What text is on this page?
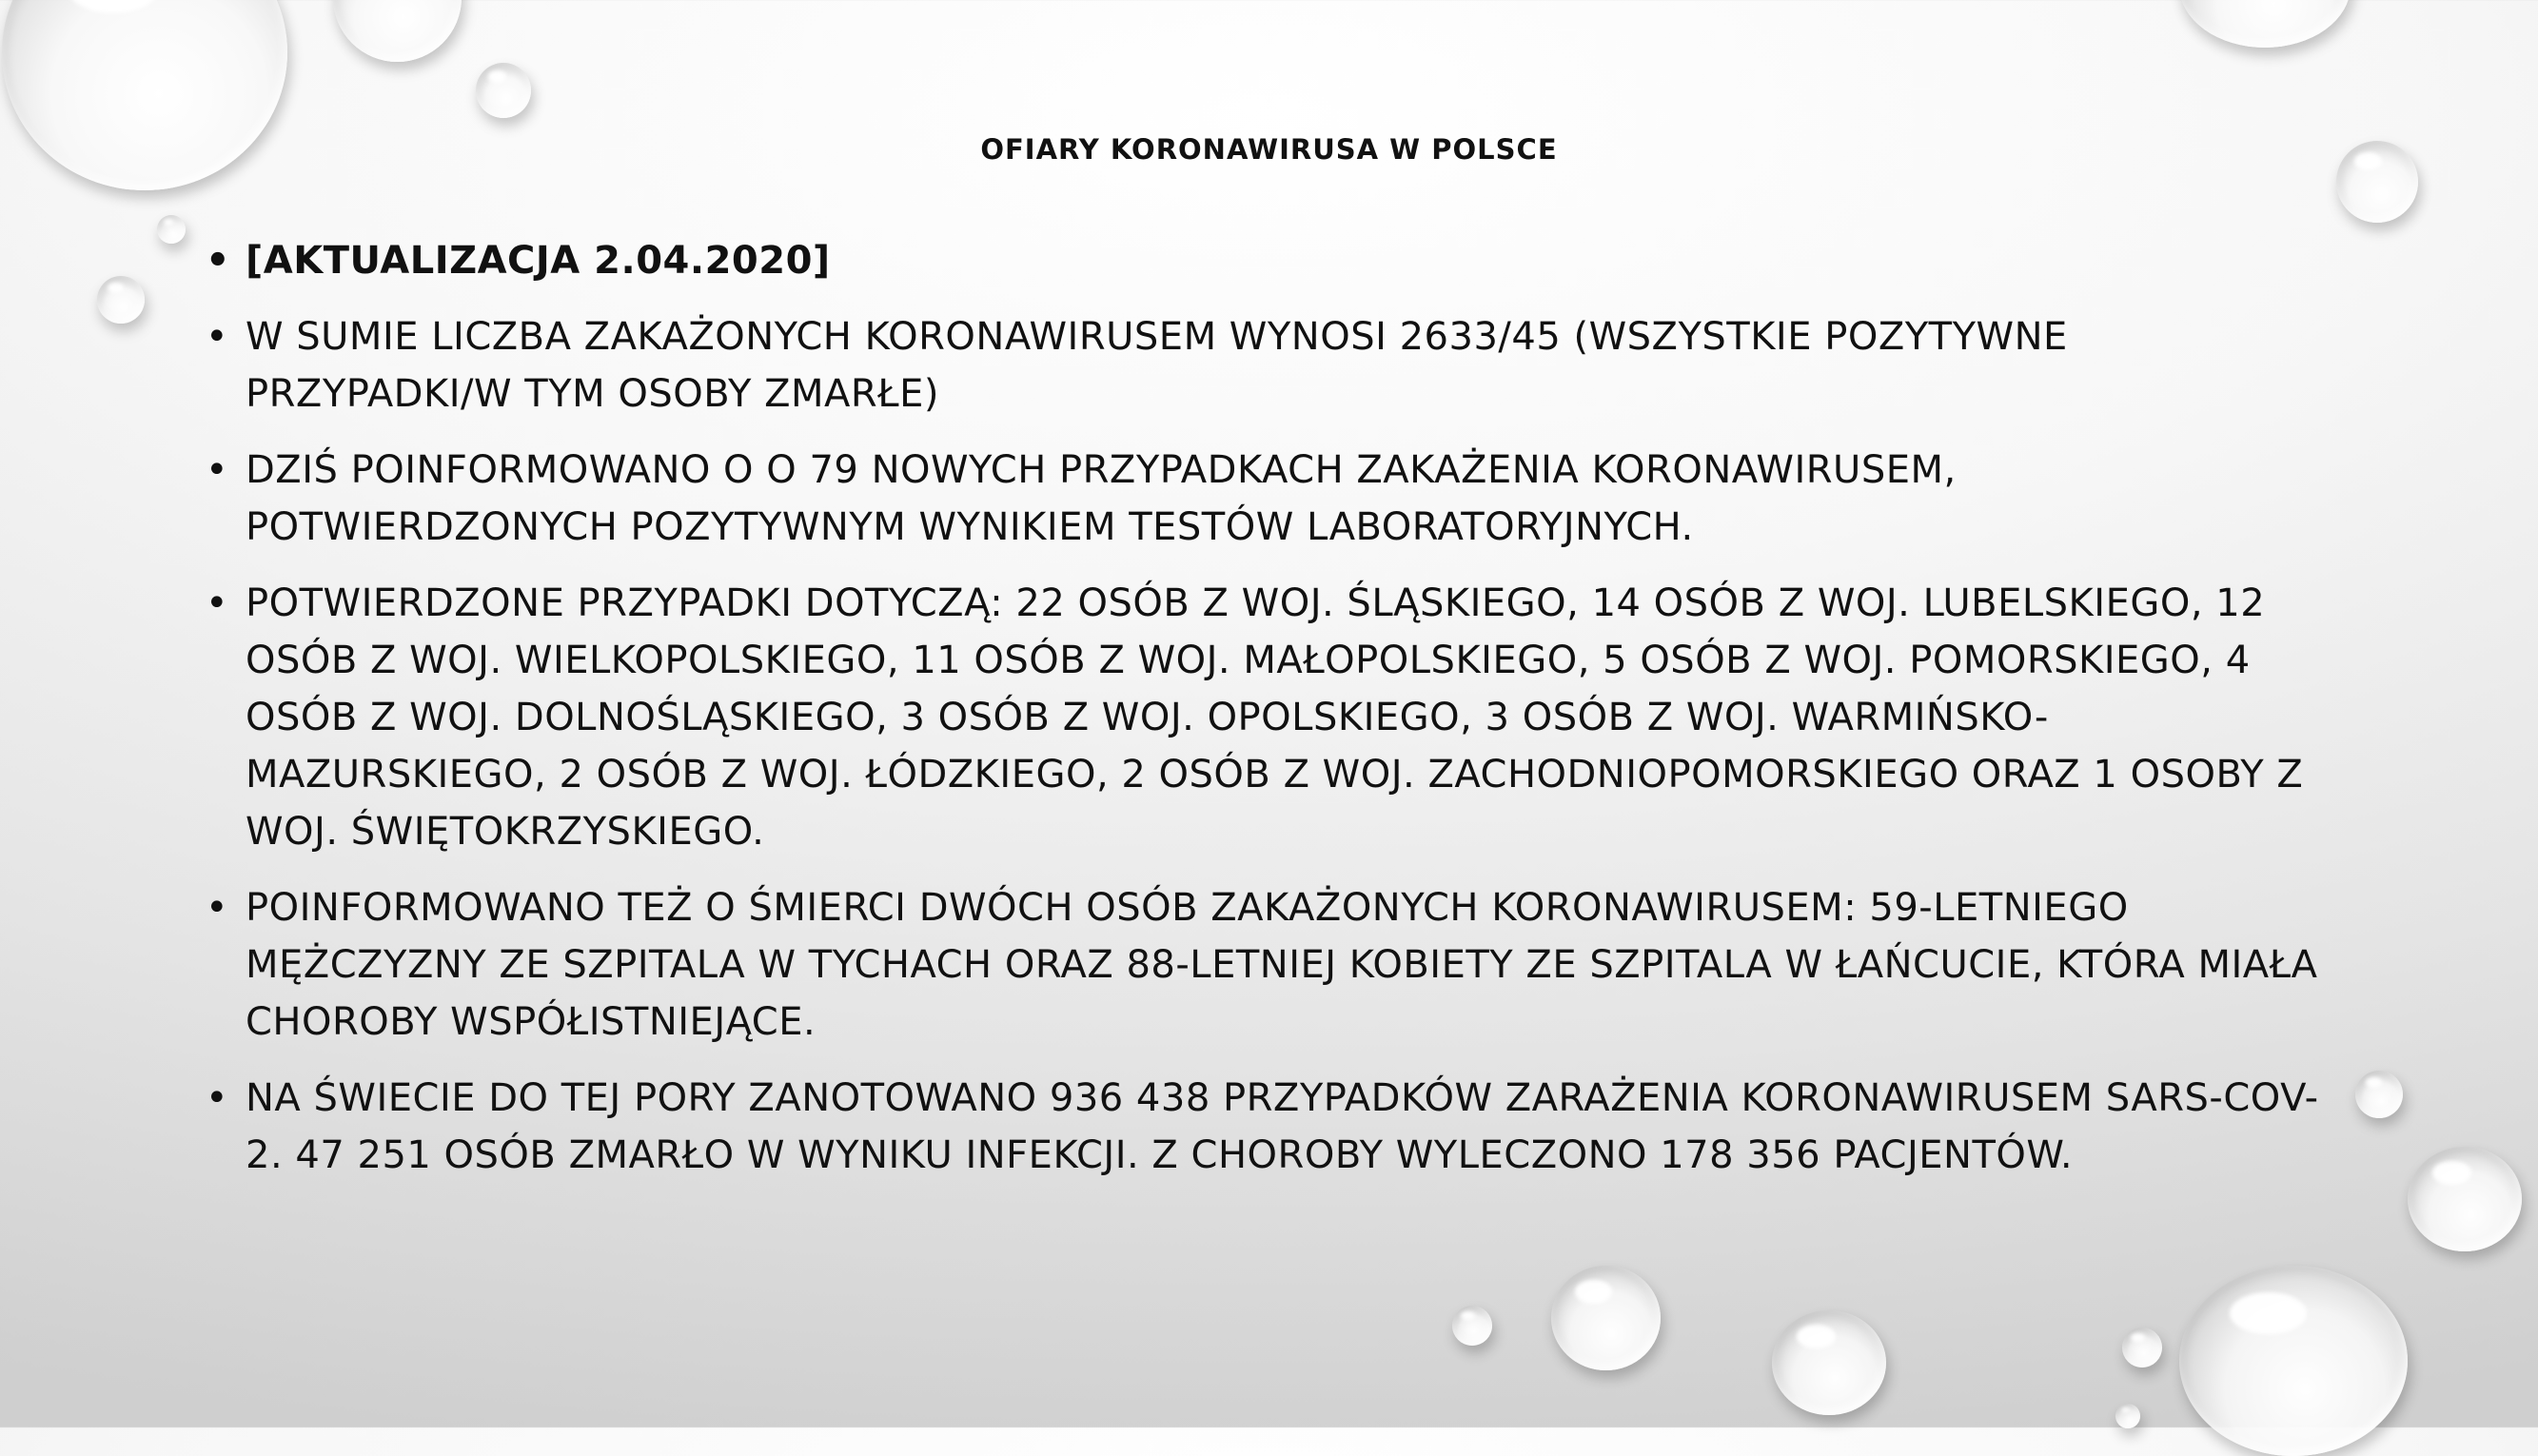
OFIARY KORONAWIRUSA W POLSCE
• [AKTUALIZACJA 2.04.2020]
• W SUMIE LICZBA ZAKAŻONYCH KORONAWIRUSEM WYNOSI 2633/45 (WSZYSTKIE POZYTYWNE PRZYPADKI/W TYM OSOBY ZMARŁE)
• DZIŚ POINFORMOWANO O O 79 NOWYCH PRZYPADKACH ZAKAŻENIA KORONAWIRUSEM, POTWIERDZONYCH POZYTYWNYM WYNIKIEM TESTÓW LABORATORYJNYCH.
• POTWIERDZONE PRZYPADKI DOTYCZĄ: 22 OSÓB Z WOJ. ŚLĄSKIEGO, 14 OSÓB Z WOJ. LUBELSKIEGO, 12 OSÓB Z WOJ. WIELKOPOLSKIEGO, 11 OSÓB Z WOJ. MAŁOPOLSKIEGO, 5 OSÓB Z WOJ. POMORSKIEGO, 4 OSÓB Z WOJ. DOLNOŚLĄSKIEGO, 3 OSÓB Z WOJ. OPOLSKIEGO, 3 OSÓB Z WOJ. WARMIŃSKO-MAZURSKIEGO, 2 OSÓB Z WOJ. ŁÓDZKIEGO, 2 OSÓB Z WOJ. ZACHODNIOPOMORSKIEGO ORAZ 1 OSOBY Z WOJ. ŚWIĘTOKRZYSKIEGO.
• POINFORMOWANO TEŻ O ŚMIERCI DWÓCH OSÓB ZAKAŻONYCH KORONAWIRUSEM: 59-LETNIEGO MĘŻCZYZNY ZE SZPITALA W TYCHACH ORAZ 88-LETNIEJ KOBIETY ZE SZPITALA W ŁAŃCUCIE, KTÓRA MIAŁA CHOROBY WSPÓŁISTNIEJĄCE.
• NA ŚWIECIE DO TEJ PORY ZANOTOWANO 936 438 PRZYPADKÓW ZARAŻENIA KORONAWIRUSEM SARS-COV-2. 47 251 OSÓB ZMARŁO W WYNIKU INFEKCJI. Z CHOROBY WYLECZONO 178 356 PACJENTÓW.
